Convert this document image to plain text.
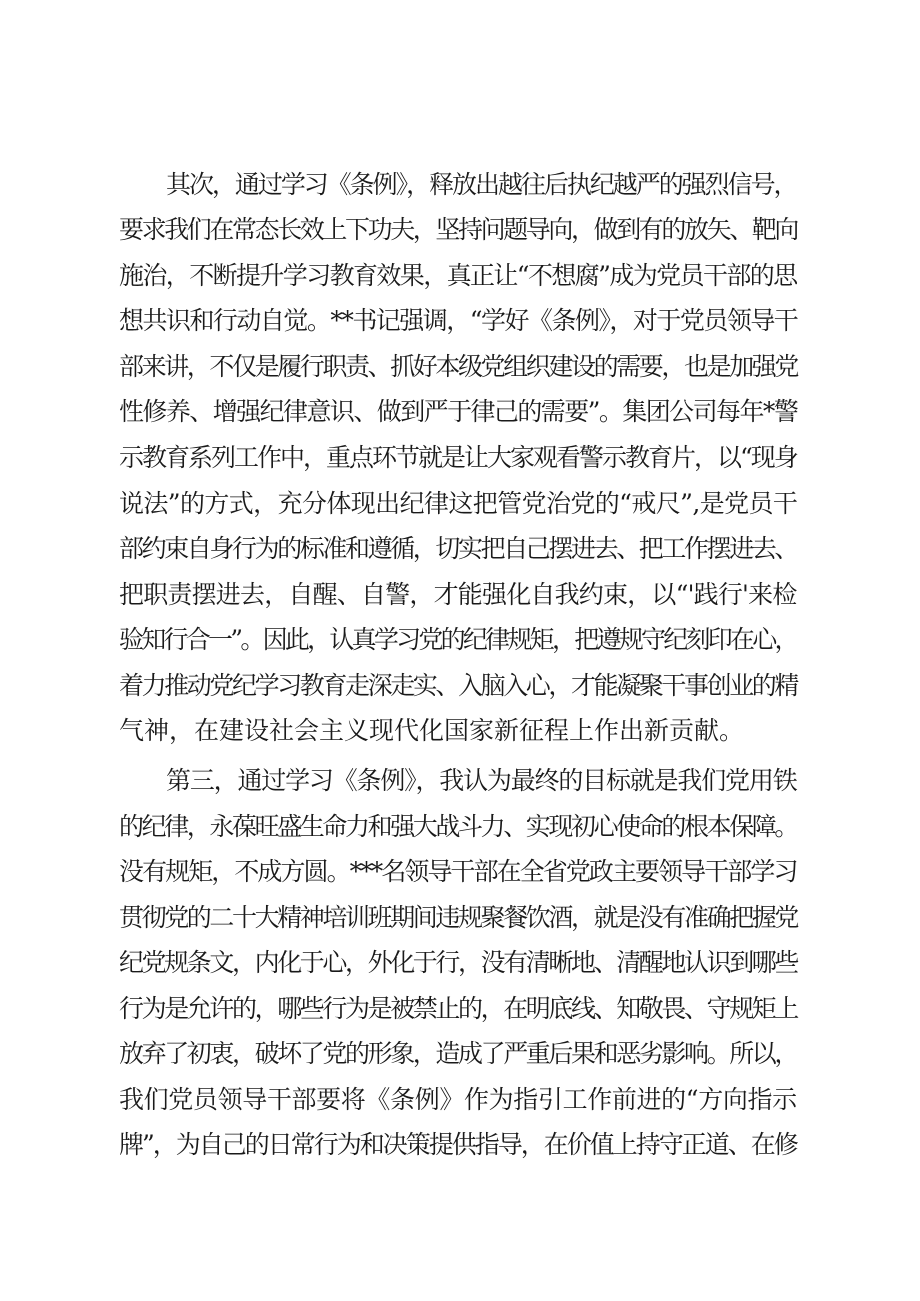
其次，通过学习《条例》，释放出越往后执纪越严的强烈信号，
要求我们在常态长效上下功夫，坚持问题导向，做到有的放矢、靶向
施治，不断提升学习教育效果，真正让“不想腐”成为党员干部的思
想共识和行动自觉。**书记强调，“学好《条例》，对于党员领导干
部来讲，不仅是履行职责、抓好本级党组织建设的需要，也是加强党
性修养、增强纪律意识、做到严于律己的需要”。集团公司每年*警
示教育系列工作中，重点环节就是让大家观看警示教育片，以“现身
说法”的方式，充分体现出纪律这把管党治党的“戒尺”,是党员干
部约束自身行为的标准和遵循，切实把自己摆进去、把工作摆进去、
把职责摆进去，自醒、自警，才能强化自我约束，以“'践行'来检
验知行合一”。因此，认真学习党的纪律规矩，把遵规守纪刻印在心，
着力推动党纪学习教育走深走实、入脑入心，才能凝聚干事创业的精
气神，在建设社会主义现代化国家新征程上作出新贡献。
第三，通过学习《条例》，我认为最终的目标就是我们党用铁
的纪律，永葆旺盛生命力和强大战斗力、实现初心使命的根本保障。
没有规矩，不成方圆。***名领导干部在全省党政主要领导干部学习
贯彻党的二十大精神培训班期间违规聚餐饮酒，就是没有准确把握党
纪党规条文，内化于心，外化于行，没有清晰地、清醒地认识到哪些
行为是允许的，哪些行为是被禁止的，在明底线、知敬畏、守规矩上
放弃了初衷，破坏了党的形象，造成了严重后果和恶劣影响。所以，
我们党员领导干部要将《条例》作为指引工作前进的“方向指示
牌”，为自己的日常行为和决策提供指导，在价值上持守正道、在修
